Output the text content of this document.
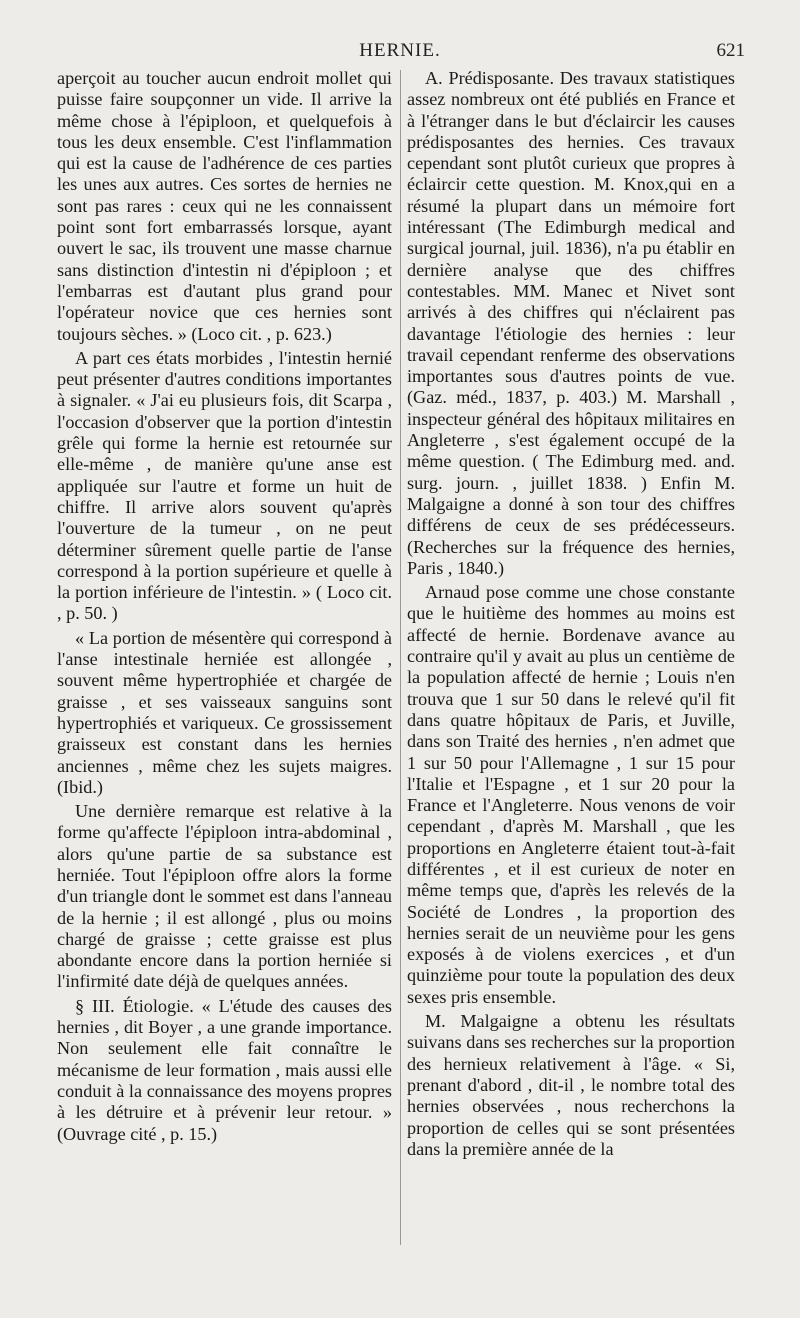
HERNIE.	621

aperçoit au toucher aucun endroit mollet qui puisse faire soupçonner un vide. Il arrive la même chose à l'épiploon, et quelquefois à tous les deux ensemble. C'est l'inflammation qui est la cause de l'adhérence de ces parties les unes aux autres. Ces sortes de hernies ne sont pas rares : ceux qui ne les connaissent point sont fort embarrassés lorsque, ayant ouvert le sac, ils trouvent une masse charnue sans distinction d'intestin ni d'épiploon ; et l'embarras est d'autant plus grand pour l'opérateur novice que ces hernies sont toujours sèches. » (Loco cit. , p. 623.)

A part ces états morbides , l'intestin hernié peut présenter d'autres conditions importantes à signaler. « J'ai eu plusieurs fois, dit Scarpa , l'occasion d'observer que la portion d'intestin grêle qui forme la hernie est retournée sur elle-même , de manière qu'une anse est appliquée sur l'autre et forme un huit de chiffre. Il arrive alors souvent qu'après l'ouverture de la tumeur , on ne peut déterminer sûrement quelle partie de l'anse correspond à la portion supérieure et quelle à la portion inférieure de l'intestin. » ( Loco cit. , p. 50. )

« La portion de mésentère qui correspond à l'anse intestinale herniée est allongée , souvent même hypertrophiée et chargée de graisse , et ses vaisseaux sanguins sont hypertrophiés et variqueux. Ce grossissement graisseux est constant dans les hernies anciennes , même chez les sujets maigres. (Ibid.)

Une dernière remarque est relative à la forme qu'affecte l'épiploon intra-abdominal , alors qu'une partie de sa substance est herniée. Tout l'épiploon offre alors la forme d'un triangle dont le sommet est dans l'anneau de la hernie ; il est allongé , plus ou moins chargé de graisse ; cette graisse est plus abondante encore dans la portion herniée si l'infirmité date déjà de quelques années.

§ III. Étiologie. « L'étude des causes des hernies , dit Boyer , a une grande importance. Non seulement elle fait connaître le mécanisme de leur formation , mais aussi elle conduit à la connaissance des moyens propres à les détruire et à prévenir leur retour. » (Ouvrage cité , p. 15.)

A. Prédisposante. Des travaux statistiques assez nombreux ont été publiés en France et à l'étranger dans le but d'éclaircir les causes prédisposantes des hernies. Ces travaux cependant sont plutôt curieux que propres à éclaircir cette question. M. Knox,qui en a résumé la plupart dans un mémoire fort intéressant (The Edimburgh medical and surgical journal, juil. 1836), n'a pu établir en dernière analyse que des chiffres contestables. MM. Manec et Nivet sont arrivés à des chiffres qui n'éclairent pas davantage l'étiologie des hernies : leur travail cependant renferme des observations importantes sous d'autres points de vue. (Gaz. méd., 1837, p. 403.) M. Marshall , inspecteur général des hôpitaux militaires en Angleterre , s'est également occupé de la même question. ( The Edimburg med. and. surg. journ. , juillet 1838. ) Enfin M. Malgaigne a donné à son tour des chiffres différens de ceux de ses prédécesseurs. (Recherches sur la fréquence des hernies, Paris , 1840.)

Arnaud pose comme une chose constante que le huitième des hommes au moins est affecté de hernie. Bordenave avance au contraire qu'il y avait au plus un centième de la population affecté de hernie ; Louis n'en trouva que 1 sur 50 dans le relevé qu'il fit dans quatre hôpitaux de Paris, et Juville, dans son Traité des hernies , n'en admet que 1 sur 50 pour l'Allemagne , 1 sur 15 pour l'Italie et l'Espagne , et 1 sur 20 pour la France et l'Angleterre. Nous venons de voir cependant , d'après M. Marshall , que les proportions en Angleterre étaient tout-à-fait différentes , et il est curieux de noter en même temps que, d'après les relevés de la Société de Londres , la proportion des hernies serait de un neuvième pour les gens exposés à de violens exercices , et d'un quinzième pour toute la population des deux sexes pris ensemble.

M. Malgaigne a obtenu les résultats suivans dans ses recherches sur la proportion des hernieux relativement à l'âge. « Si, prenant d'abord , dit-il , le nombre total des hernies observées , nous recherchons la proportion de celles qui se sont présentées dans la première année de la
